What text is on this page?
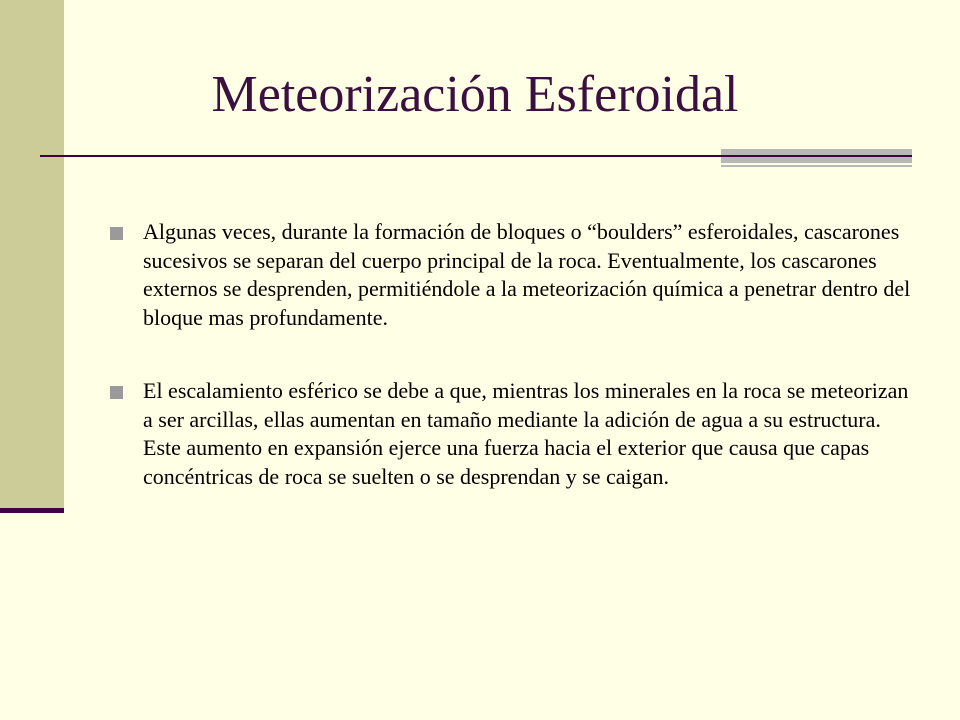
Meteorización Esferoidal
Algunas veces, durante la formación de bloques o “boulders” esferoidales, cascarones sucesivos se separan del cuerpo principal de la roca. Eventualmente, los cascarones externos se desprenden, permitiéndole a la meteorización química a penetrar dentro del bloque mas profundamente.
El escalamiento esférico se debe a que, mientras los minerales en la roca se meteorizan a ser arcillas, ellas aumentan en tamaño mediante la adición de agua a su estructura. Este aumento en expansión ejerce una fuerza hacia el exterior que causa que capas concéntricas de roca se suelten o se desprendan y se caigan.
